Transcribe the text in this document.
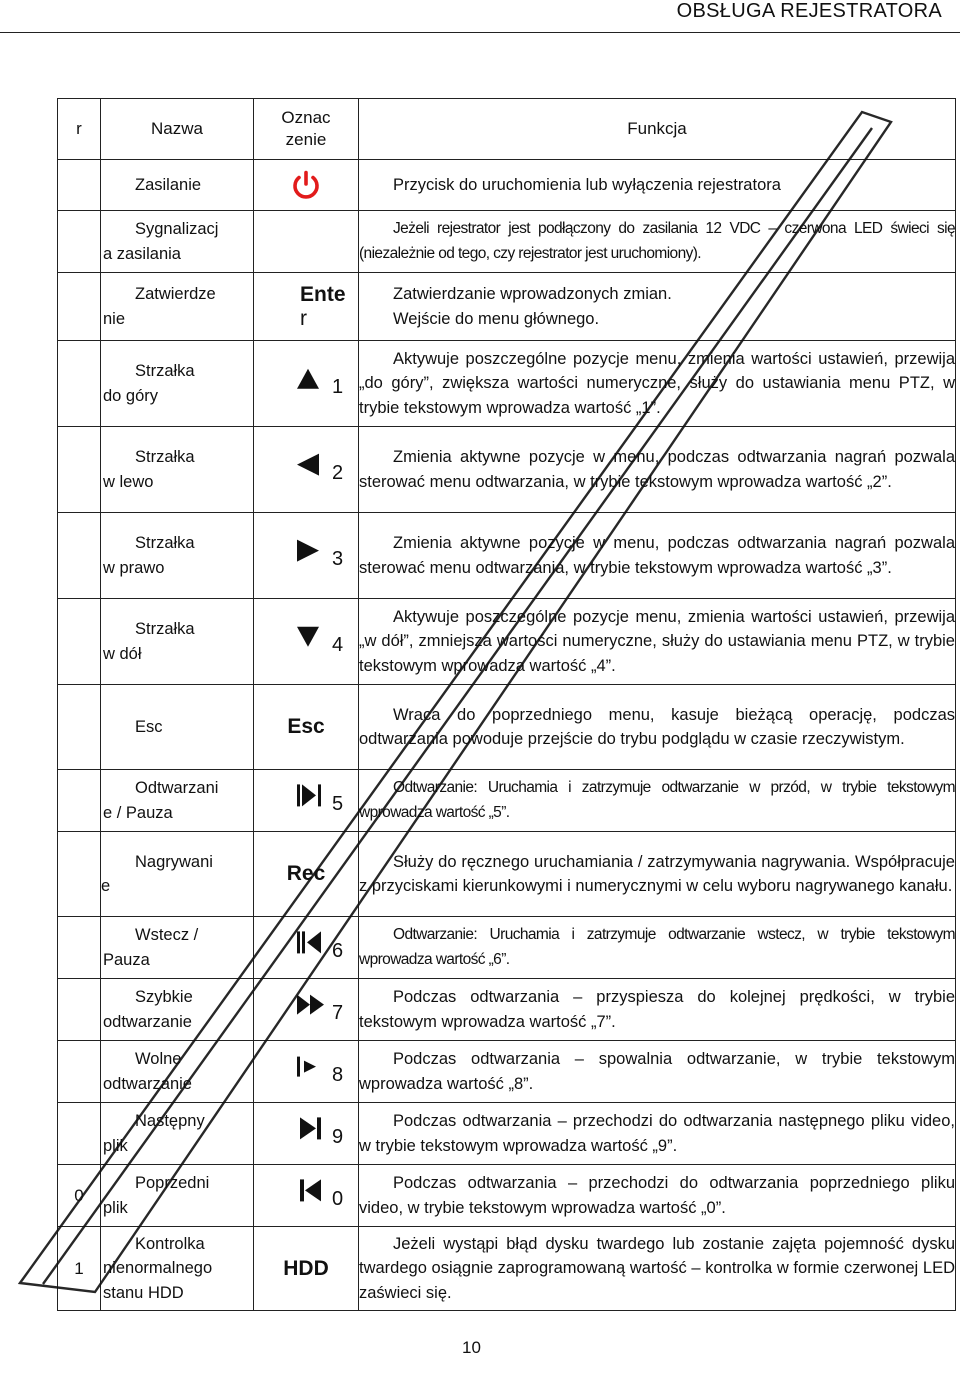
OBSŁUGA REJESTRATORA
r	Nazwa	Oznac
zenie	Funkcja

	Zasilanie		Przycisk do uruchomienia lub wyłączenia rejestratora

	Sygnalizacj
a zasilania		Jeżeli rejestrator jest podłączony do zasilania 12 VDC – czerwona LED świeci się (niezależnie od tego, czy rejestrator jest uruchomiony).

	Zatwierdze
nie	Ente
r	Zatwierdzanie wprowadzonych zmian.
Wejście do menu głównego.

	Strzałka
do góry	1	Aktywuje poszczególne pozycje menu, zmienia wartości ustawień, przewija „do góry”, zwiększa wartości numeryczne, służy do ustawiania menu PTZ, w trybie tekstowym wprowadza wartość „1”.

	Strzałka
w lewo	2	Zmienia aktywne pozycje w menu, podczas odtwarzania nagrań pozwala sterować menu odtwarzania, w trybie tekstowym wprowadza wartość „2”.

	Strzałka
w prawo	3	Zmienia aktywne pozycje w menu, podczas odtwarzania nagrań pozwala sterować menu odtwarzania, w trybie tekstowym wprowadza wartość „3”.

	Strzałka
w dół	4	Aktywuje poszczególne pozycje menu, zmienia wartości ustawień, przewija „w dół”, zmniejsza wartości numeryczne, służy do ustawiania menu PTZ, w trybie tekstowym wprowadza wartość „4”.

	Esc	Esc	Wraca do poprzedniego menu, kasuje bieżącą operację, podczas odtwarzania powoduje przejście do trybu podglądu w czasie rzeczywistym.

	Odtwarzani
e / Pauza	5	Odtwarzanie: Uruchamia i zatrzymuje odtwarzanie w przód, w trybie tekstowym wprowadza wartość „5”.

	Nagrywani
e	Rec	Służy do ręcznego uruchamiania / zatrzymywania nagrywania. Współpracuje z przyciskami kierunkowymi i numerycznymi w celu wyboru nagrywanego kanału.

	Wstecz /
Pauza	6	Odtwarzanie: Uruchamia i zatrzymuje odtwarzanie wstecz, w trybie tekstowym wprowadza wartość „6”.

	Szybkie
odtwarzanie	7	Podczas odtwarzania – przyspiesza do kolejnej prędkości, w trybie tekstowym wprowadza wartość „7”.

	Wolne
odtwarzanie	8	Podczas odtwarzania – spowalnia odtwarzanie, w trybie tekstowym wprowadza wartość „8”.

	Następny
plik	9	Podczas odtwarzania – przechodzi do odtwarzania następnego pliku video, w trybie tekstowym wprowadza wartość „9”.

0	Poprzedni
plik	0	Podczas odtwarzania – przechodzi do odtwarzania poprzedniego pliku video, w trybie tekstowym wprowadza wartość „0”.

1	Kontrolka
nienormalnego
stanu HDD	HDD	Jeżeli wystąpi błąd dysku twardego lub zostanie zajęta pojemność dysku twardego osiągnie zaprogramowaną wartość – kontrolka w formie czerwonej LED zaświeci się.
10
